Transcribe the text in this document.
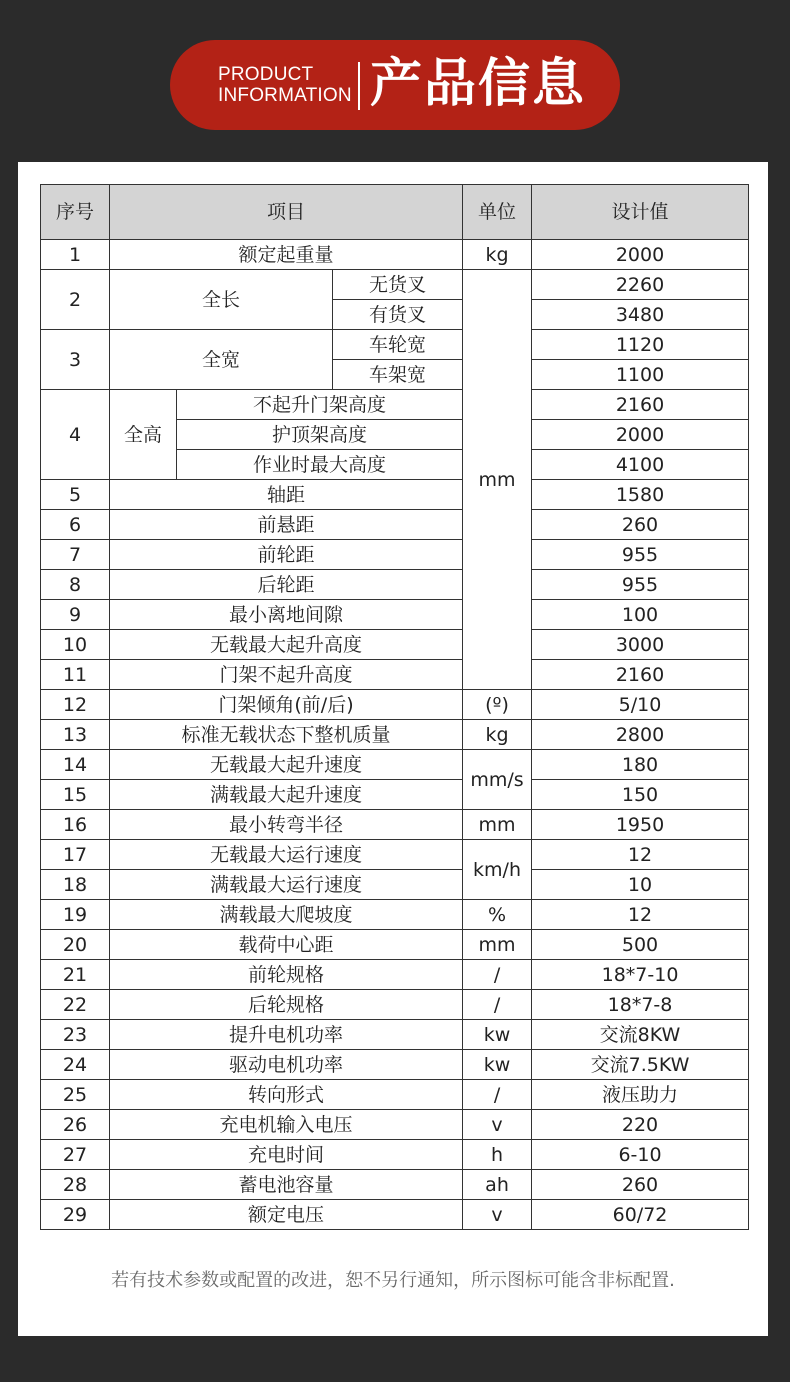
PRODUCT
INFORMATION 产品信息
序号	项目			单位	设计值
1	额定起重量			kg	2000
2	全长		无货叉	mm	2260
			有货叉		3480
3	全宽		车轮宽		1120
			车架宽		1100
4	全高	不起升门架高度			2160
		护顶架高度			2000
		作业时最大高度			4100
5	轴距				1580
6	前悬距				260
7	前轮距				955
8	后轮距				955
9	最小离地间隙				100
10	无载最大起升高度				3000
11	门架不起升高度				2160
12	门架倾角(前/后)			(º)	5/10
13	标准无载状态下整机质量			kg	2800
14	无载最大起升速度			mm/s	180
15	满载最大起升速度				150
16	最小转弯半径			mm	1950
17	无载最大运行速度			km/h	12
18	满载最大运行速度				10
19	满载最大爬坡度			%	12
20	载荷中心距			mm	500
21	前轮规格			/	18*7-10
22	后轮规格			/	18*7-8
23	提升电机功率			kw	交流8KW
24	驱动电机功率			kw	交流7.5KW
25	转向形式			/	液压助力
26	充电机输入电压			v	220
27	充电时间			h	6-10
28	蓄电池容量			ah	260
29	额定电压			v	60/72
若有技术参数或配置的改进，恕不另行通知，所示图标可能含非标配置.
